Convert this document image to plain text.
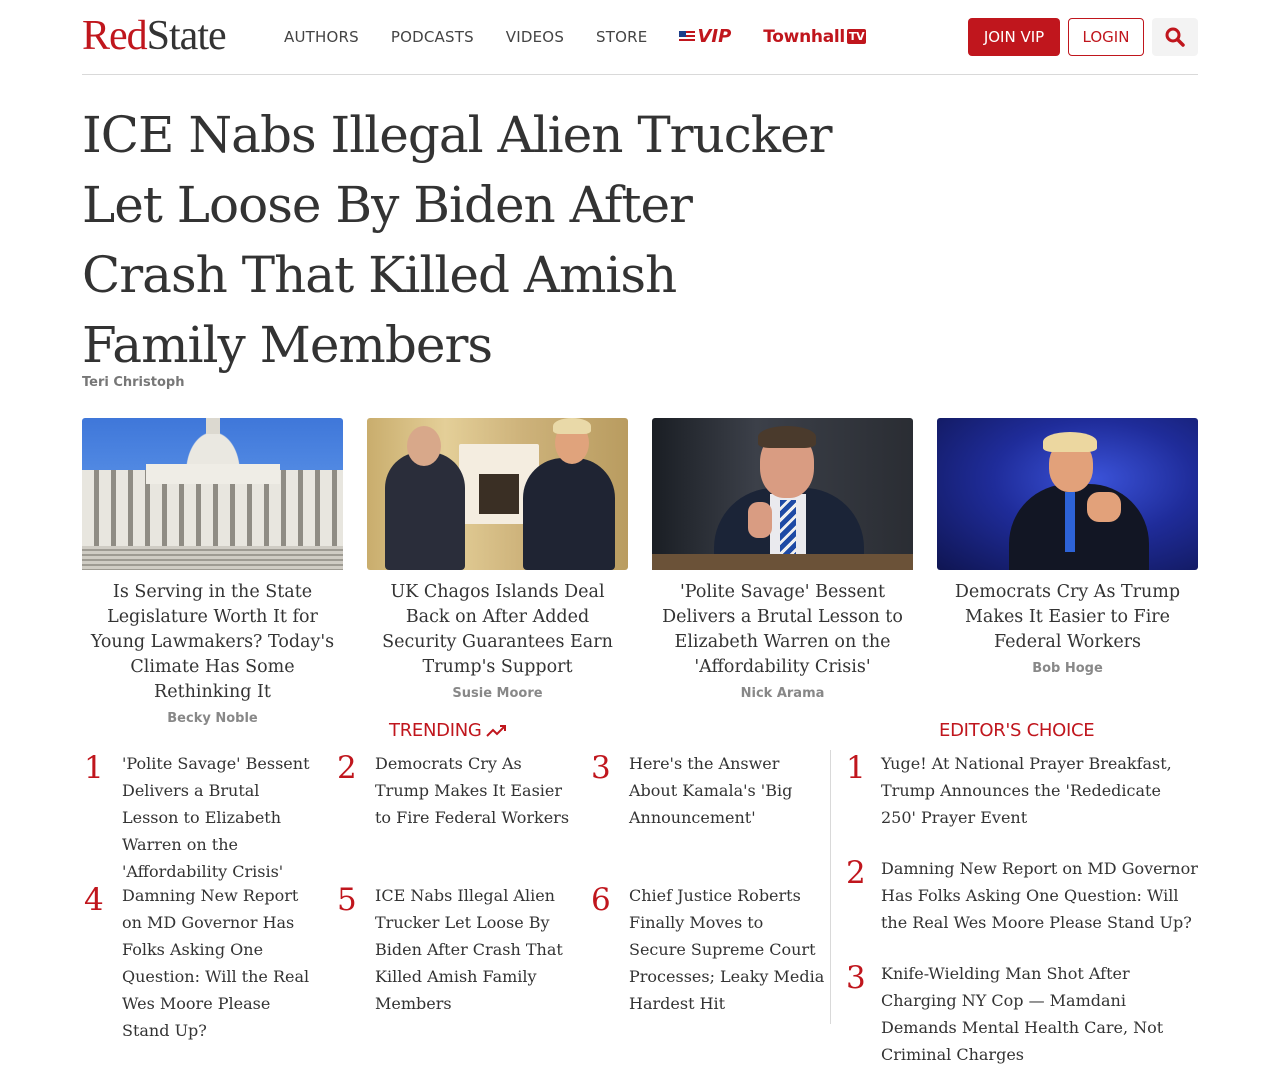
RedState	AUTHORS PODCASTS VIDEOS STORE	VIP Townhall TV	JOIN VIP	LOGIN
ICE Nabs Illegal Alien Trucker Let Loose By Biden After Crash That Killed Amish Family Members
Teri Christoph
Is Serving in the State Legislature Worth It for Young Lawmakers? Today's Climate Has Some Rethinking It
Becky Noble
UK Chagos Islands Deal Back on After Added Security Guarantees Earn Trump's Support
Susie Moore
'Polite Savage' Bessent Delivers a Brutal Lesson to Elizabeth Warren on the 'Affordability Crisis'
Nick Arama
Democrats Cry As Trump Makes It Easier to Fire Federal Workers
Bob Hoge
TRENDING
1 'Polite Savage' Bessent Delivers a Brutal Lesson to Elizabeth Warren on the 'Affordability Crisis'
2 Democrats Cry As Trump Makes It Easier to Fire Federal Workers
3 Here's the Answer About Kamala's 'Big Announcement'
4 Damning New Report on MD Governor Has Folks Asking One Question: Will the Real Wes Moore Please Stand Up?
5 ICE Nabs Illegal Alien Trucker Let Loose By Biden After Crash That Killed Amish Family Members
6 Chief Justice Roberts Finally Moves to Secure Supreme Court Processes; Leaky Media Hardest Hit
EDITOR'S CHOICE
1 Yuge! At National Prayer Breakfast, Trump Announces the 'Rededicate 250' Prayer Event
2 Damning New Report on MD Governor Has Folks Asking One Question: Will the Real Wes Moore Please Stand Up?
3 Knife-Wielding Man Shot After Charging NY Cop — Mamdani Demands Mental Health Care, Not Criminal Charges
